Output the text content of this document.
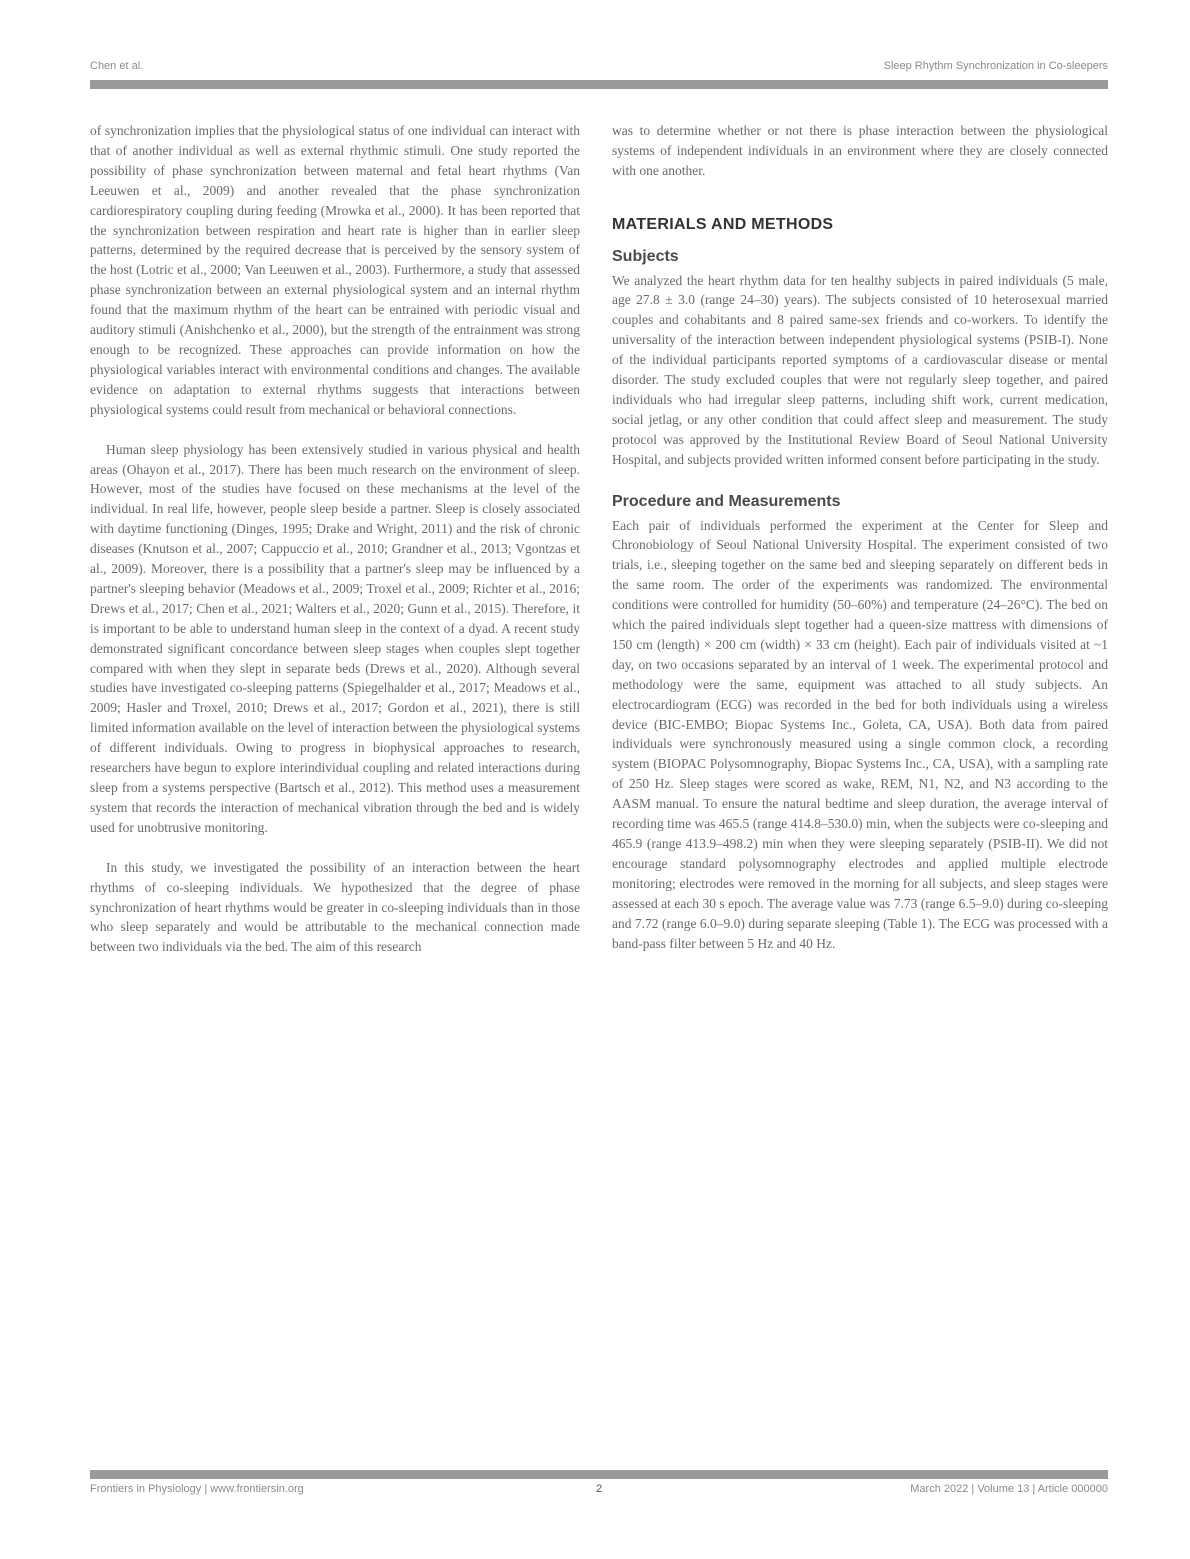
Chen et al.	Sleep Rhythm Synchronization in Co-sleepers

of synchronization implies that the physiological status of one individual can interact with that of another individual as well as external rhythmic stimuli. One study reported the possibility of phase synchronization between maternal and fetal heart rhythms (Van Leeuwen et al., 2009) and another revealed that the phase synchronization cardiorespiratory coupling during feeding (Mrowka et al., 2000). It has been reported that the synchronization between respiration and heart rate is higher than in earlier sleep patterns, determined by the required decrease that is perceived by the sensory system of the host (Lotric et al., 2000; Van Leeuwen et al., 2003). Furthermore, a study that assessed phase synchronization between an external physiological system and an internal rhythm found that the maximum rhythm of the heart can be entrained with periodic visual and auditory stimuli (Anishchenko et al., 2000), but the strength of the entrainment was strong enough to be recognized. These approaches can provide information on how the physiological variables interact with environmental conditions and changes. The available evidence on adaptation to external rhythms suggests that interactions between physiological systems could result from mechanical or behavioral connections.

Human sleep physiology has been extensively studied in various physical and health areas (Ohayon et al., 2017). There has been much research on the environment of sleep. However, most of the studies have focused on these mechanisms at the level of the individual. In real life, however, people sleep beside a partner. Sleep is closely associated with daytime functioning (Dinges, 1995; Drake and Wright, 2011) and the risk of chronic diseases (Knutson et al., 2007; Cappuccio et al., 2010; Grandner et al., 2013; Vgontzas et al., 2009). Moreover, there is a possibility that a partner's sleep may be influenced by a partner's sleeping behavior (Meadows et al., 2009; Troxel et al., 2009; Richter et al., 2016; Drews et al., 2017; Chen et al., 2021; Walters et al., 2020; Gunn et al., 2015). Therefore, it is important to be able to understand human sleep in the context of a dyad. A recent study demonstrated significant concordance between sleep stages when couples slept together compared with when they slept in separate beds (Drews et al., 2020). Although several studies have investigated co-sleeping patterns (Spiegelhalder et al., 2017; Meadows et al., 2009; Hasler and Troxel, 2010; Drews et al., 2017; Gordon et al., 2021), there is still limited information available on the level of interaction between the physiological systems of different individuals. Owing to progress in biophysical approaches to research, researchers have begun to explore interindividual coupling and related interactions during sleep from a systems perspective (Bartsch et al., 2012). This method uses a measurement system that records the interaction of mechanical vibration through the bed and is widely used for unobtrusive monitoring.

In this study, we investigated the possibility of an interaction between the heart rhythms of co-sleeping individuals. We hypothesized that the degree of phase synchronization of heart rhythms would be greater in co-sleeping individuals than in those who sleep separately and would be attributable to the mechanical connection made between two individuals via the bed. The aim of this research

was to determine whether or not there is phase interaction between the physiological systems of independent individuals in an environment where they are closely connected with one another.

MATERIALS AND METHODS
Subjects

We analyzed the heart rhythm data for ten healthy subjects in paired individuals (5 male, age 27.8 ± 3.0 (range 24–30) years). The subjects consisted of 10 heterosexual married couples and cohabitants and 8 paired same-sex friends and co-workers. To identify the universality of the interaction between independent physiological systems (PSIB-I). None of the individual participants reported symptoms of a cardiovascular disease or mental disorder. The study excluded couples that were not regularly sleep together, and paired individuals who had irregular sleep patterns, including shift work, current medication, social jetlag, or any other condition that could affect sleep and measurement. The study protocol was approved by the Institutional Review Board of Seoul National University Hospital, and subjects provided written informed consent before participating in the study.

Procedure and Measurements

Each pair of individuals performed the experiment at the Center for Sleep and Chronobiology of Seoul National University Hospital. The experiment consisted of two trials, i.e., sleeping together on the same bed and sleeping separately on different beds in the same room. The order of the experiments was randomized. The environmental conditions were controlled for humidity (50–60%) and temperature (24–26°C). The bed on which the paired individuals slept together had a queen-size mattress with dimensions of 150 cm (length) × 200 cm (width) × 33 cm (height). Each pair of individuals visited at ~1 day, on two occasions separated by an interval of 1 week. The experimental protocol and methodology were the same, equipment was attached to all study subjects. An electrocardiogram (ECG) was recorded in the bed for both individuals using a wireless device (BIC-EMBO; Biopac Systems Inc., Goleta, CA, USA). Both data from paired individuals were synchronously measured using a single common clock, a recording system (BIOPAC Polysomnography, Biopac Systems Inc., CA, USA), with a sampling rate of 250 Hz. Sleep stages were scored as wake, REM, N1, N2, and N3 according to the AASM manual. To ensure the natural bedtime and sleep duration, the average interval of recording time was 465.5 (range 414.8–530.0) min, when the subjects were co-sleeping and 465.9 (range 413.9–498.2) min when they were sleeping separately (PSIB-II). We did not encourage standard polysomnography electrodes and applied multiple electrode monitoring; electrodes were removed in the morning for all subjects, and sleep stages were assessed at each 30 s epoch. The average value was 7.73 (range 6.5–9.0) during co-sleeping and 7.72 (range 6.0–9.0) during separate sleeping (Table 1). The ECG was processed with a band-pass filter between 5 Hz and 40 Hz.

Frontiers in Physiology | www.frontiersin.org	2	March 2022 | Volume 13 | Article 000000
